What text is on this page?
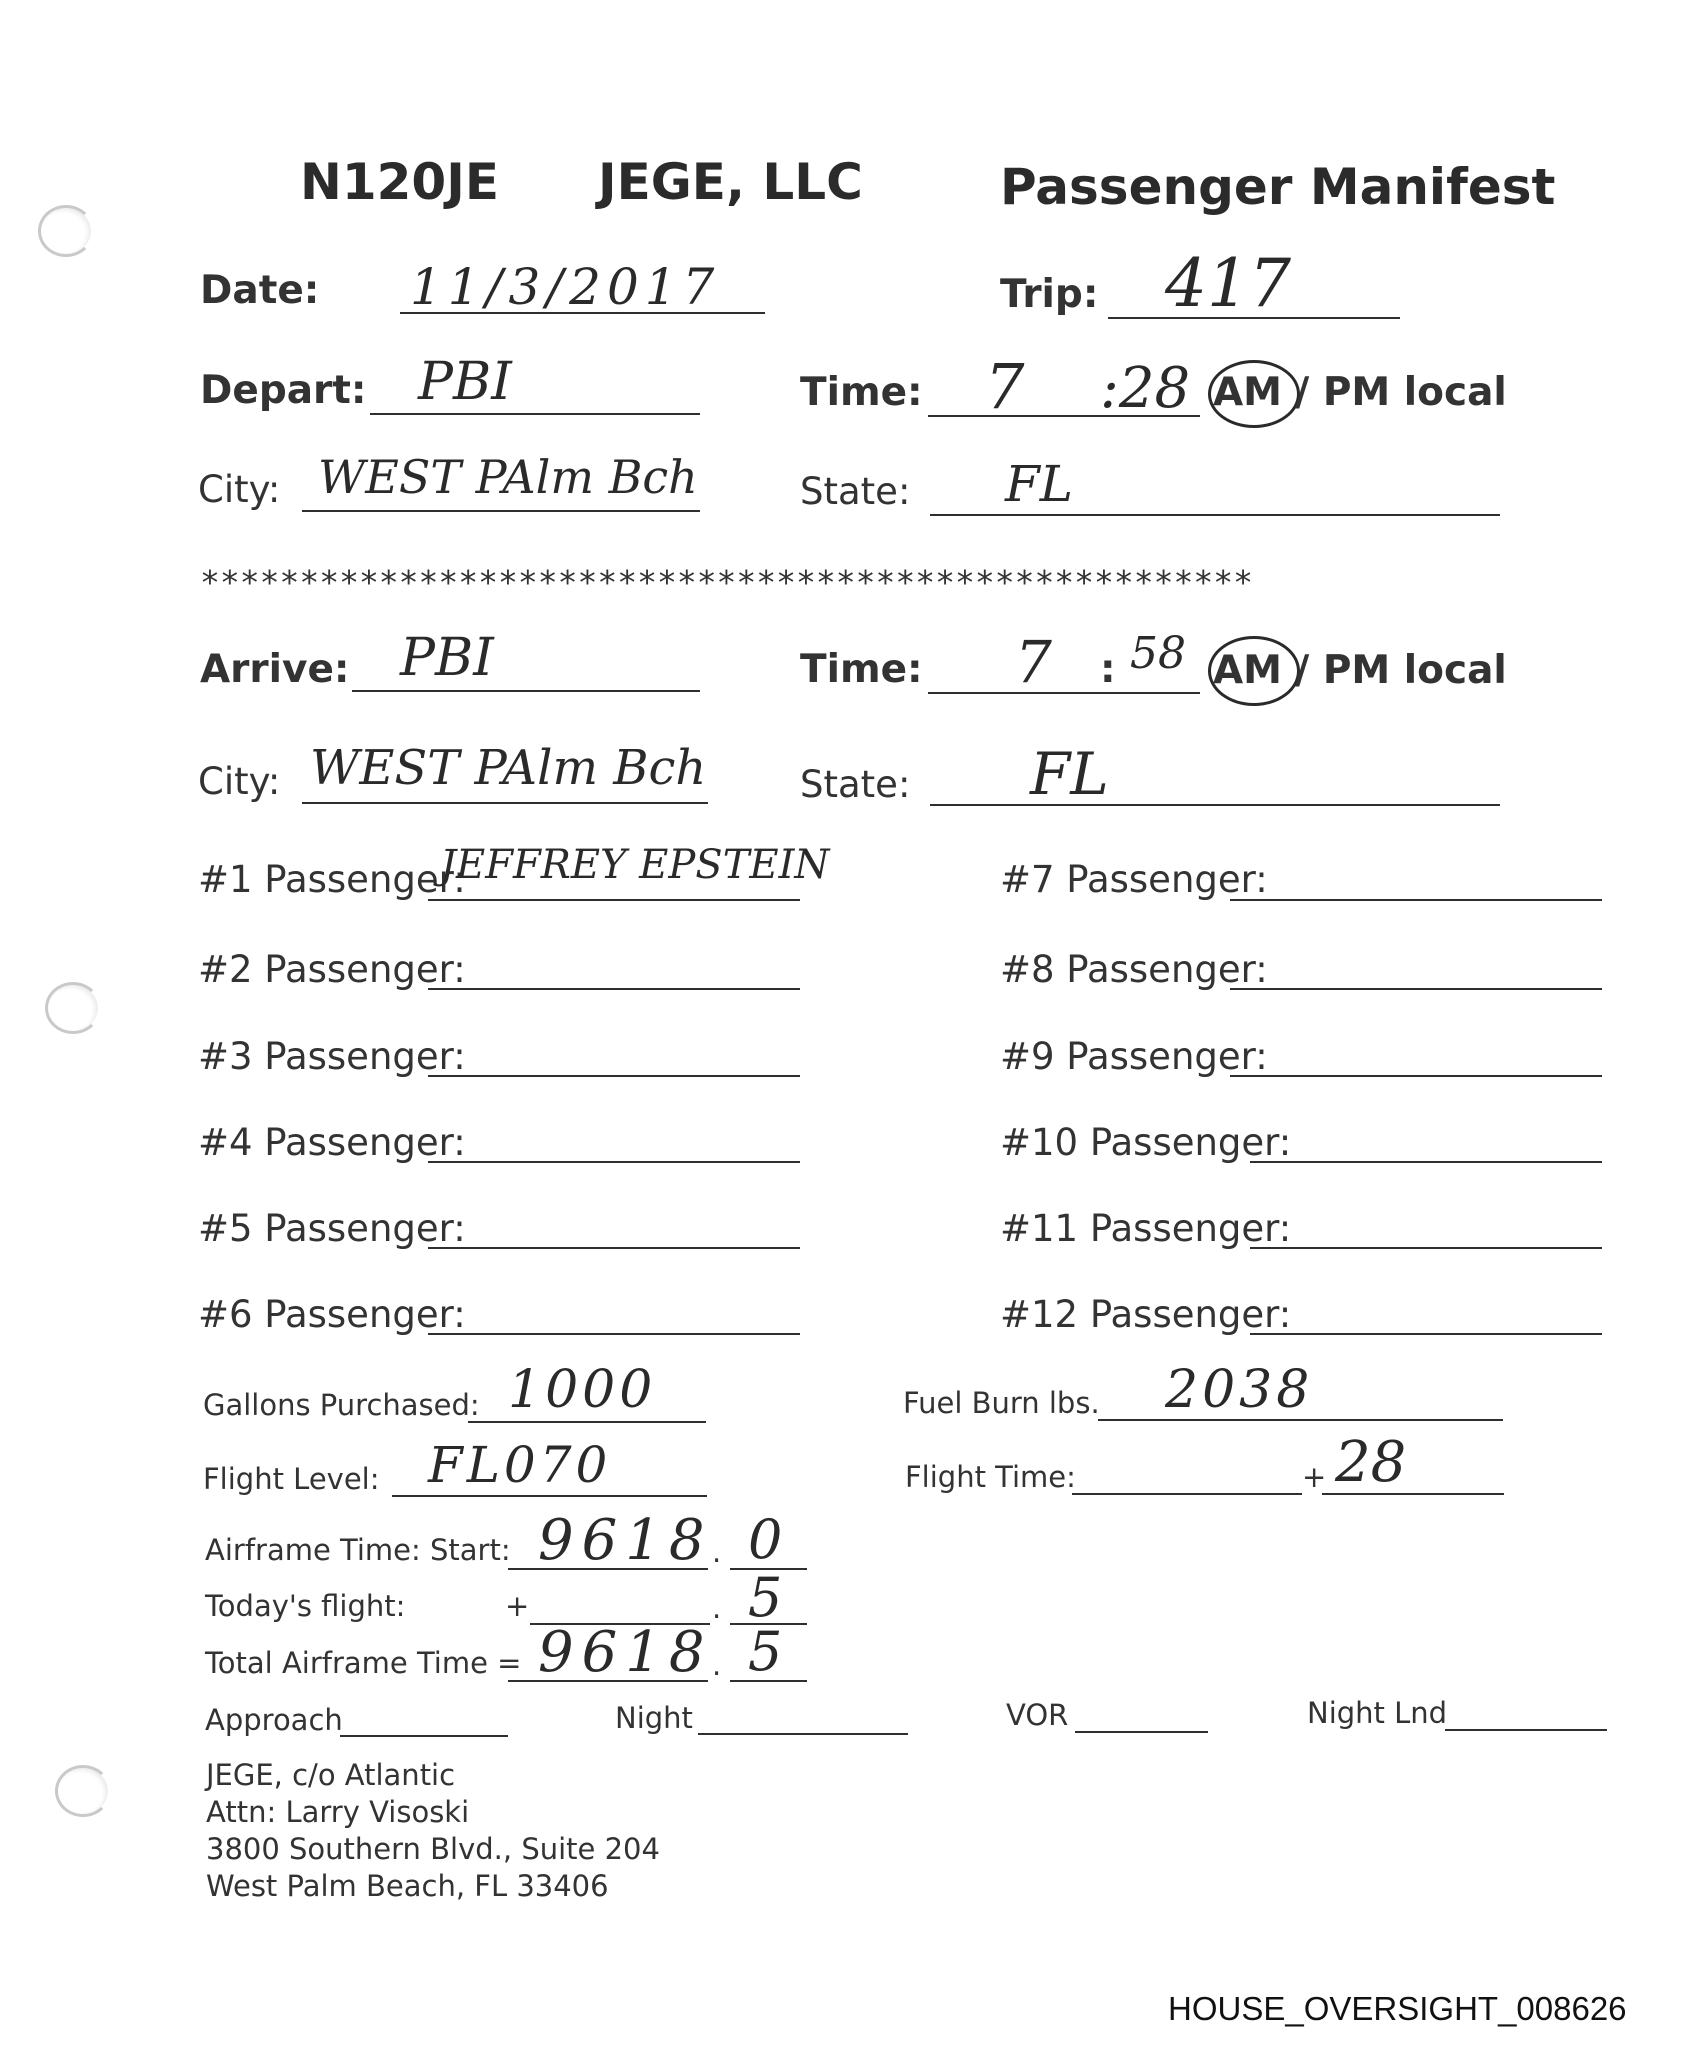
N120JE JEGE, LLC	Passenger Manifest
Date: 11/3/2017	Trip: 417
Depart: PBI	Time: 7 :28 AM / PM local
City: WEST PAlm Bch	State: FL
*****************************************************
Arrive: PBI	Time: 7 : 58 AM / PM local
City: WEST PAlm Bch	State: FL
#1 Passenger:
JEFFREY EPSTEIN
#2 Passenger:
#3 Passenger:
#4 Passenger:
#5 Passenger:
#6 Passenger:
#7 Passenger:
#8 Passenger:
#9 Passenger:
#10 Passenger:
#11 Passenger:
#12 Passenger:
Gallons Purchased: 1000	Fuel Burn lbs. 2038
Flight Level: FL070	Flight Time:	+ 28
Airframe Time: Start: 9618 . 0
Today's flight:	+	. 5
Total Airframe Time = 9618 . 5
Approach	Night	VOR	Night Lnd
JEGE, c/o Atlantic
Attn: Larry Visoski
3800 Southern Blvd., Suite 204
West Palm Beach, FL 33406
HOUSE_OVERSIGHT_008626
